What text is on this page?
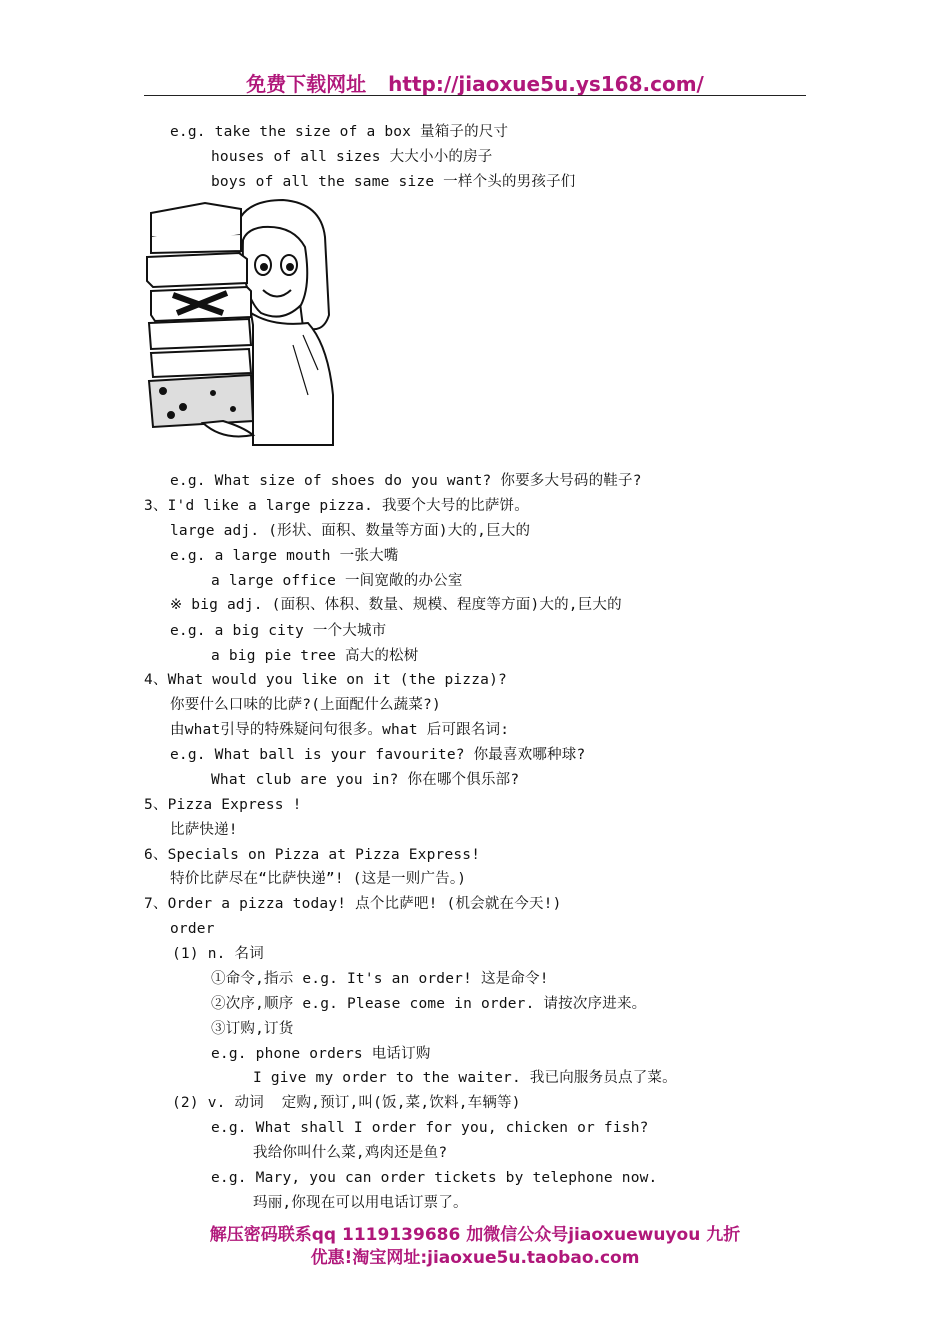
免费下载网址 http://jiaoxue5u.ys168.com/
e.g. take the size of a box 量箱子的尺寸
houses of all sizes 大大小小的房子
boys of all the same size 一样个头的男孩子们
e.g. What size of shoes do you want? 你要多大号码的鞋子?
3、I'd like a large pizza. 我要个大号的比萨饼。
large adj. (形状、面积、数量等方面)大的,巨大的
e.g. a large mouth 一张大嘴
a large office 一间宽敞的办公室
※ big adj. (面积、体积、数量、规模、程度等方面)大的,巨大的
e.g. a big city 一个大城市
a big pie tree 高大的松树
4、What would you like on it (the pizza)?
你要什么口味的比萨?(上面配什么蔬菜?)
由what引导的特殊疑问句很多。what 后可跟名词:
e.g. What ball is your favourite? 你最喜欢哪种球?
What club are you in? 你在哪个俱乐部?
5、Pizza Express !
比萨快递!
6、Specials on Pizza at Pizza Express!
特价比萨尽在“比萨快递”! (这是一则广告。)
7、Order a pizza today! 点个比萨吧! (机会就在今天!)
order
(1) n. 名词
①命令,指示 e.g. It's an order! 这是命令!
②次序,顺序 e.g. Please come in order. 请按次序进来。
③订购,订货
e.g. phone orders 电话订购
I give my order to the waiter. 我已向服务员点了菜。
(2) v. 动词  定购,预订,叫(饭,菜,饮料,车辆等)
e.g. What shall I order for you, chicken or fish?
我给你叫什么菜,鸡肉还是鱼?
e.g. Mary, you can order tickets by telephone now.
玛丽,你现在可以用电话订票了。
解压密码联系qq 1119139686 加微信公众号jiaoxuewuyou 九折
优惠!淘宝网址:jiaoxue5u.taobao.com
